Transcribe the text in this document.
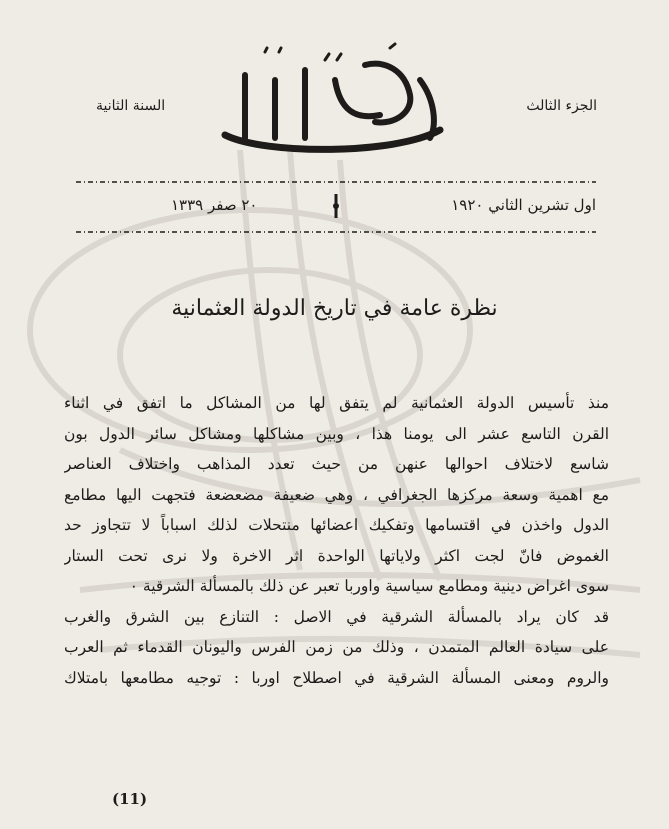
السنة الثانية
بيت لحم
الجزء الثالث
اول تشرين الثاني ١٩٢٠
٢٠ صفر ١٣٣٩
نظرة عامة في تاريخ الدولة العثمانية
منذ تأسيس الدولة العثمانية لم يتفق لها من المشاكل ما اتفق في اثناء
القرن التاسع عشر الى يومنا هذا ، وبين مشاكلها ومشاكل سائر الدول بون
شاسع لاختلاف احوالها عنهن من حيث تعدد المذاهب واختلاف العناصر
مع اهمية وسعة مركزها الجغرافي ، وهي ضعيفة مضعضعة فتجهت اليها مطامع
الدول واخذن في اقتسامها وتفكيك اعضائها منتحلات لذلك اسباباً لا تتجاوز حد
الغموض فانّ لجت اكثر ولاياتها الواحدة اثر الاخرة ولا نرى تحت الستار
سوى اغراض دينية ومطامع سياسية واوربا تعبر عن ذلك بالمسألة الشرقية ٠
قد كان يراد بالمسألة الشرقية في الاصل : التنازع بين الشرق والغرب
على سيادة العالم المتمدن ، وذلك من زمن الفرس واليونان القدماء ثم العرب
والروم ومعنى المسألة الشرقية في اصطلاح اوربا : توجيه مطامعها بامتلاك
(11)
